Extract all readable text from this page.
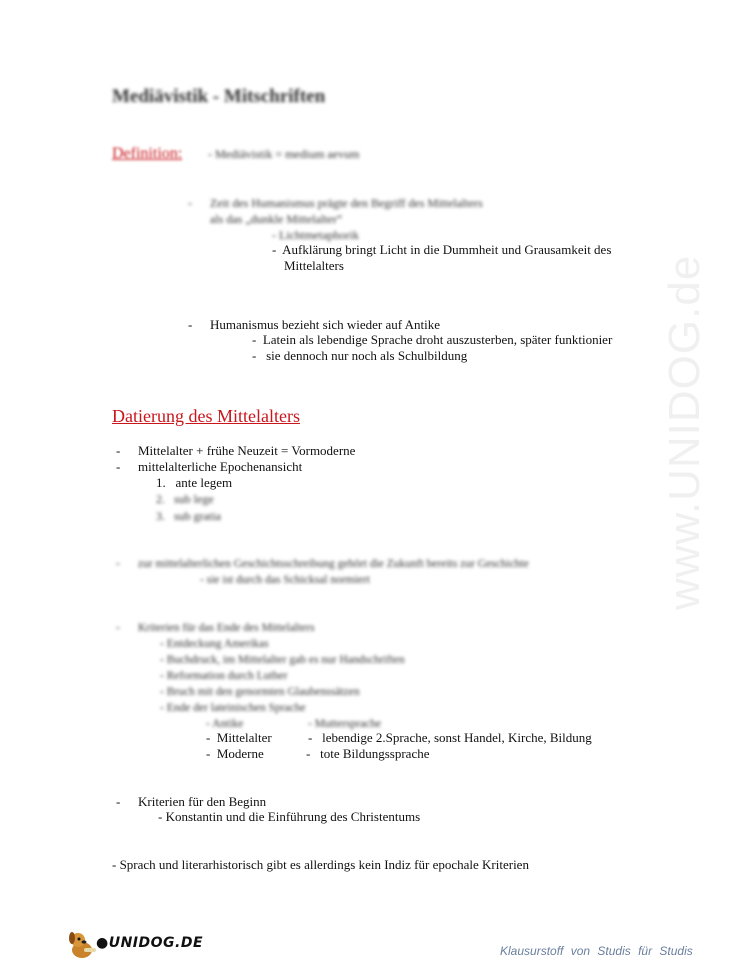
www.UNIDOG.de
Mediävistik - Mitschriften
Definition: - Mediävistik = medium aevum
- Zeit des Humanismus prägte den Begriff des Mittelalters
als das „dunkle Mittelalter“
- Lichtmetaphorik
-  Aufklärung bringt Licht in die Dummheit und Grausamkeit des
Mittelalters
- Humanismus bezieht sich wieder auf Antike
-  Latein als lebendige Sprache droht auszusterben, später funktionier
-   sie dennoch nur noch als Schulbildung
Datierung des Mittelalters
- Mittelalter + frühe Neuzeit = Vormoderne
- mittelalterliche Epochenansicht
1.   ante legem
2.   sub lege
3.   sub gratia
- zur mittelalterlichen Geschichtsschreibung gehört die Zukunft bereits zur Geschichte
- sie ist durch das Schicksal normiert
- Kriterien für das Ende des Mittelalters
- Entdeckung Amerikas
- Buchdruck, im Mittelalter gab es nur Handschriften
- Reformation durch Luther
- Bruch mit den genormten Glaubenssätzen
- Ende der lateinischen Sprache
- Antike	- Muttersprache
-  Mittelalter	-   lebendige 2.Sprache, sonst Handel, Kirche, Bildung
-  Moderne	-   tote Bildungssprache
- Kriterien für den Beginn
- Konstantin und die Einführung des Christentums
- Sprach und literarhistorisch gibt es allerdings kein Indiz für epochale Kriterien
●UNIDOG.DE	Klausurstoff von Studis für Studis
